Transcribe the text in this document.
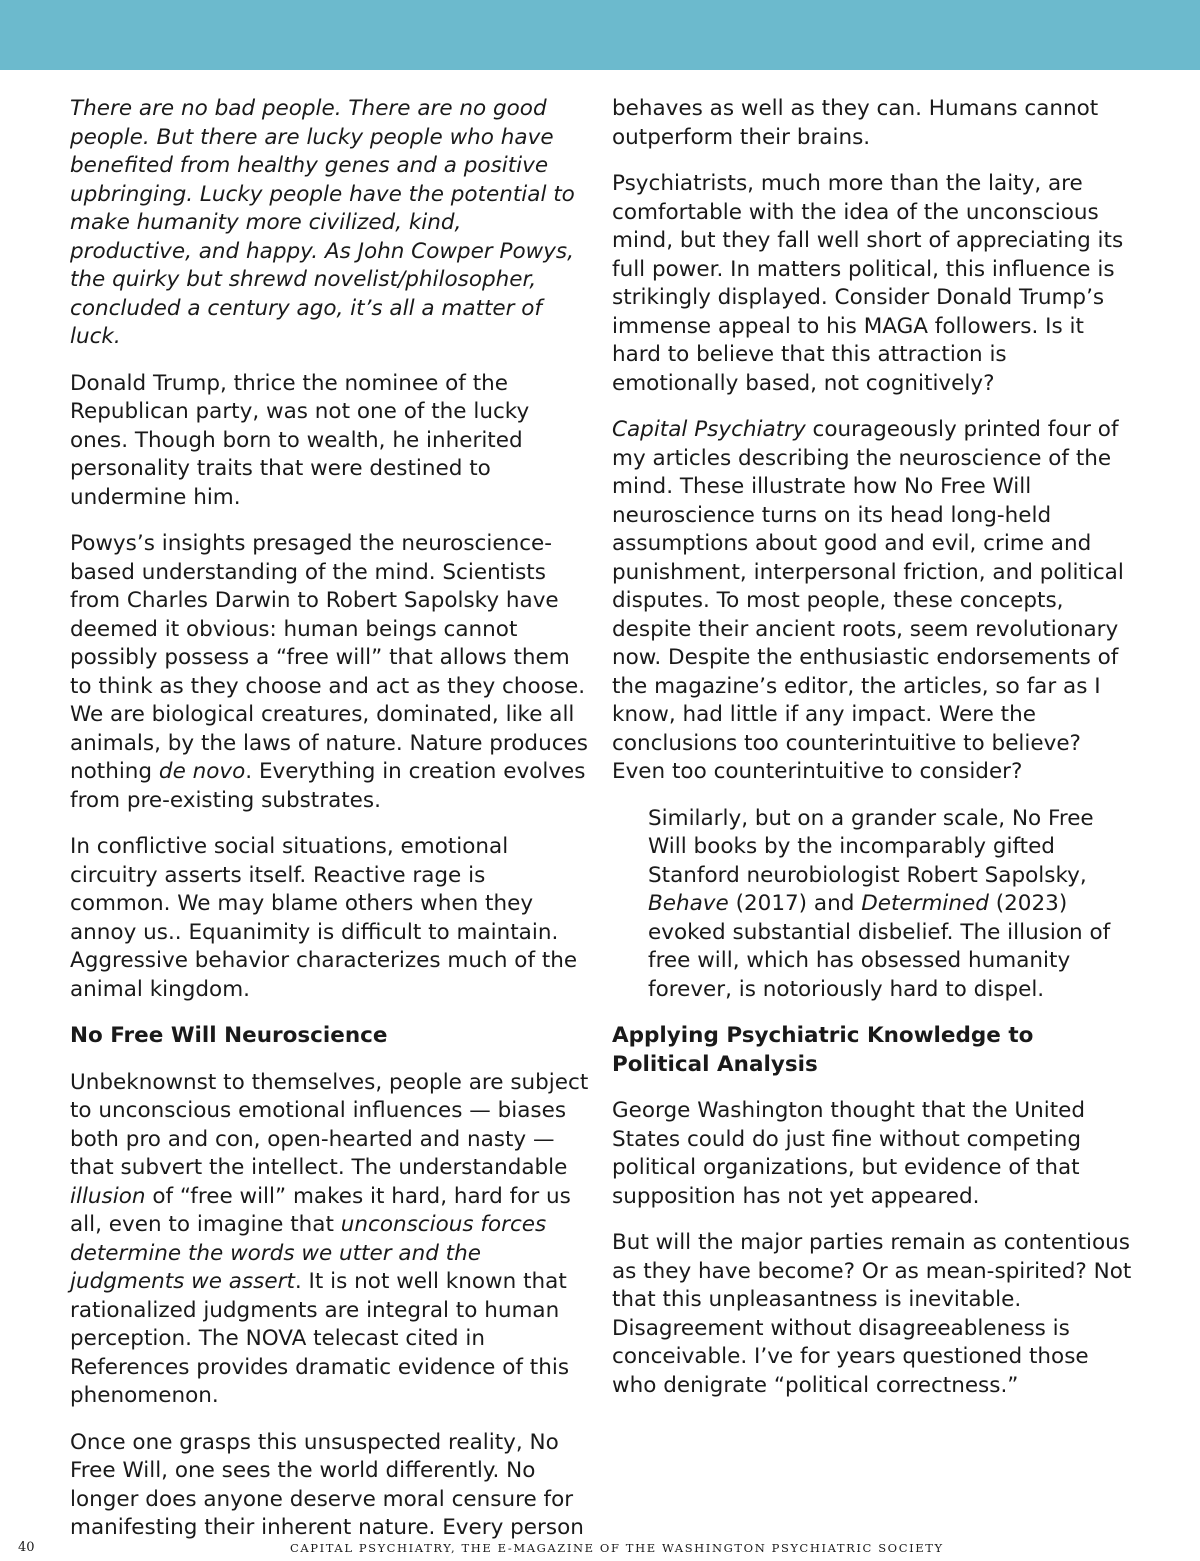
There are no bad people. There are no good people. But there are lucky people who have benefited from healthy genes and a positive upbringing. Lucky people have the potential to make humanity more civilized, kind, productive, and happy. As John Cowper Powys, the quirky but shrewd novelist/philosopher, concluded a century ago, it’s all a matter of luck.

Donald Trump, thrice the nominee of the Republican party, was not one of the lucky ones. Though born to wealth, he inherited personality traits that were destined to undermine him.

Powys’s insights presaged the neuroscience-based understanding of the mind. Scientists from Charles Darwin to Robert Sapolsky have deemed it obvious: human beings cannot possibly possess a “free will” that allows them to think as they choose and act as they choose. We are biological creatures, dominated, like all animals, by the laws of nature. Nature produces nothing de novo. Everything in creation evolves from pre-existing substrates.

In conflictive social situations, emotional circuitry asserts itself. Reactive rage is common. We may blame others when they annoy us.. Equanimity is difficult to maintain. Aggressive behavior characterizes much of the animal kingdom.

No Free Will Neuroscience

Unbeknownst to themselves, people are subject to unconscious emotional influences — biases both pro and con, open-hearted and nasty — that subvert the intellect. The understandable illusion of “free will” makes it hard, hard for us all, even to imagine that unconscious forces determine the words we utter and the judgments we assert. It is not well known that rationalized judgments are integral to human perception. The NOVA telecast cited in References provides dramatic evidence of this phenomenon.

Once one grasps this unsuspected reality, No Free Will, one sees the world differently. No longer does anyone deserve moral censure for manifesting their inherent nature. Every person

behaves as well as they can. Humans cannot outperform their brains.

Psychiatrists, much more than the laity, are comfortable with the idea of the unconscious mind, but they fall well short of appreciating its full power. In matters political, this influence is strikingly displayed. Consider Donald Trump’s immense appeal to his MAGA followers. Is it hard to believe that this attraction is emotionally based, not cognitively?

Capital Psychiatry courageously printed four of my articles describing the neuroscience of the mind. These illustrate how No Free Will neuroscience turns on its head long-held assumptions about good and evil, crime and punishment, interpersonal friction, and political disputes. To most people, these concepts, despite their ancient roots, seem revolutionary now. Despite the enthusiastic endorsements of the magazine’s editor, the articles, so far as I know, had little if any impact. Were the conclusions too counterintuitive to believe? Even too counterintuitive to consider?

Similarly, but on a grander scale, No Free Will books by the incomparably gifted Stanford neurobiologist Robert Sapolsky, Behave (2017) and Determined (2023) evoked substantial disbelief. The illusion of free will, which has obsessed humanity forever, is notoriously hard to dispel.

Applying Psychiatric Knowledge to Political Analysis

George Washington thought that the United States could do just fine without competing political organizations, but evidence of that supposition has not yet appeared.

But will the major parties remain as contentious as they have become? Or as mean-spirited? Not that this unpleasantness is inevitable. Disagreement without disagreeableness is conceivable. I’ve for years questioned those who denigrate “political correctness.”

40	CAPITAL PSYCHIATRY, THE E-MAGAZINE OF THE WASHINGTON PSYCHIATRIC SOCIETY
